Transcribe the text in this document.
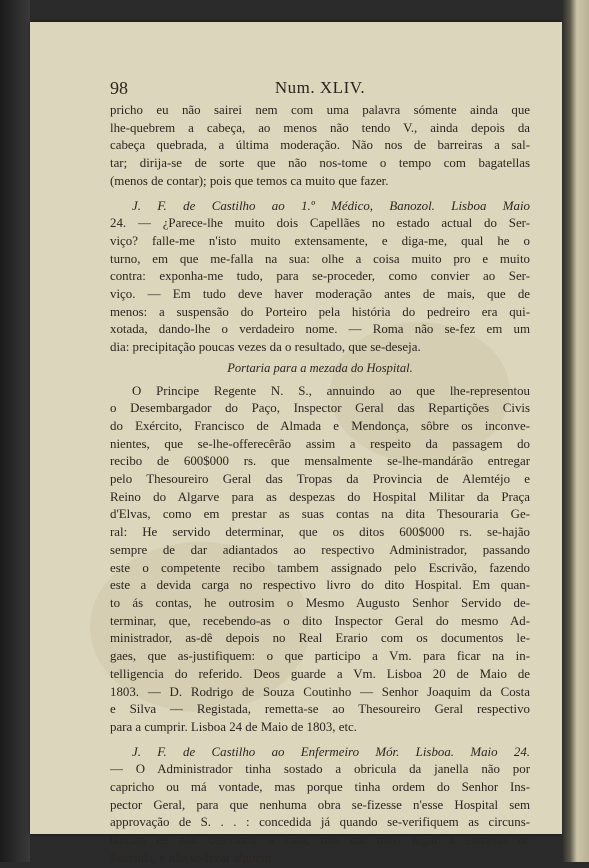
98	Num. XLIV.
pricho eu não sairei nem com uma palavra sómente ainda que
lhe-quebrem a cabeça, ao menos não tendo V., ainda depois da
cabeça quebrada, a última moderação. Não nos de barreiras a sal-
tar; dirija-se de sorte que não nos-tome o tempo com bagatellas
(menos de contar); pois que temos ca muito que fazer.
J. F. de Castilho ao 1.º Médico, Banozol. Lisboa Maio
24. — ¿Parece-lhe muito dois Capellães no estado actual do Ser-
viço? falle-me n'isto muito extensamente, e diga-me, qual he o
turno, em que me-falla na sua: olhe a coisa muito pro e muito
contra: exponha-me tudo, para se-proceder, como convier ao Ser-
viço. — Em tudo deve haver moderação antes de mais, que de
menos: a suspensão do Porteiro pela história do pedreiro era qui-
xotada, dando-lhe o verdadeiro nome. — Roma não se-fez em um
dia: precipitação poucas vezes da o resultado, que se-deseja.
Portaria para a mezada do Hospital.
O Principe Regente N. S., annuindo ao que lhe-representou
o Desembargador do Paço, Inspector Geral das Repartições Civis
do Exército, Francisco de Almada e Mendonça, sôbre os inconve-
nientes, que se-lhe-offerecêrão assim a respeito da passagem do
recibo de 600$000 rs. que mensalmente se-lhe-mandárão entregar
pelo Thesoureiro Geral das Tropas da Provincia de Alemtéjo e
Reino do Algarve para as despezas do Hospital Militar da Praça
d'Elvas, como em prestar as suas contas na dita Thesouraria Ge-
ral: He servido determinar, que os ditos 600$000 rs. se-hajão
sempre de dar adiantados ao respectivo Administrador, passando
este o competente recibo tambem assignado pelo Escrivão, fazendo
este a devida carga no respectivo livro do dito Hospital. Em quan-
to ás contas, he outrosim o Mesmo Augusto Senhor Servido de-
terminar, que, recebendo-as o dito Inspector Geral do mesmo Ad-
ministrador, as-dê depois no Real Erario com os documentos le-
gaes, que as-justifiquem: o que participo a Vm. para ficar na in-
telligencia do referido. Deos guarde a Vm. Lisboa 20 de Maio de
1803. — D. Rodrigo de Souza Coutinho — Senhor Joaquim da Costa
e Silva — Registada, remetta-se ao Thesoureiro Geral respectivo
para a cumprir. Lisboa 24 de Maio de 1803, etc.
J. F. de Castilho ao Enfermeiro Mór. Lisboa. Maio 24.
— O Administrador tinha sostado a obricula da janella não por
capricho ou má vontade, mas porque tinha ordem do Senhor Ins-
pector Geral, para que nenhuma obra se-fizesse n'esse Hospital sem
approvação de S. . . : concedida já quando se-verifiquem as circuns-
tâncias de não deteriorar a casa, não dar mais lugar a extravio de
Fazenda, e não se-lezar alguem.
